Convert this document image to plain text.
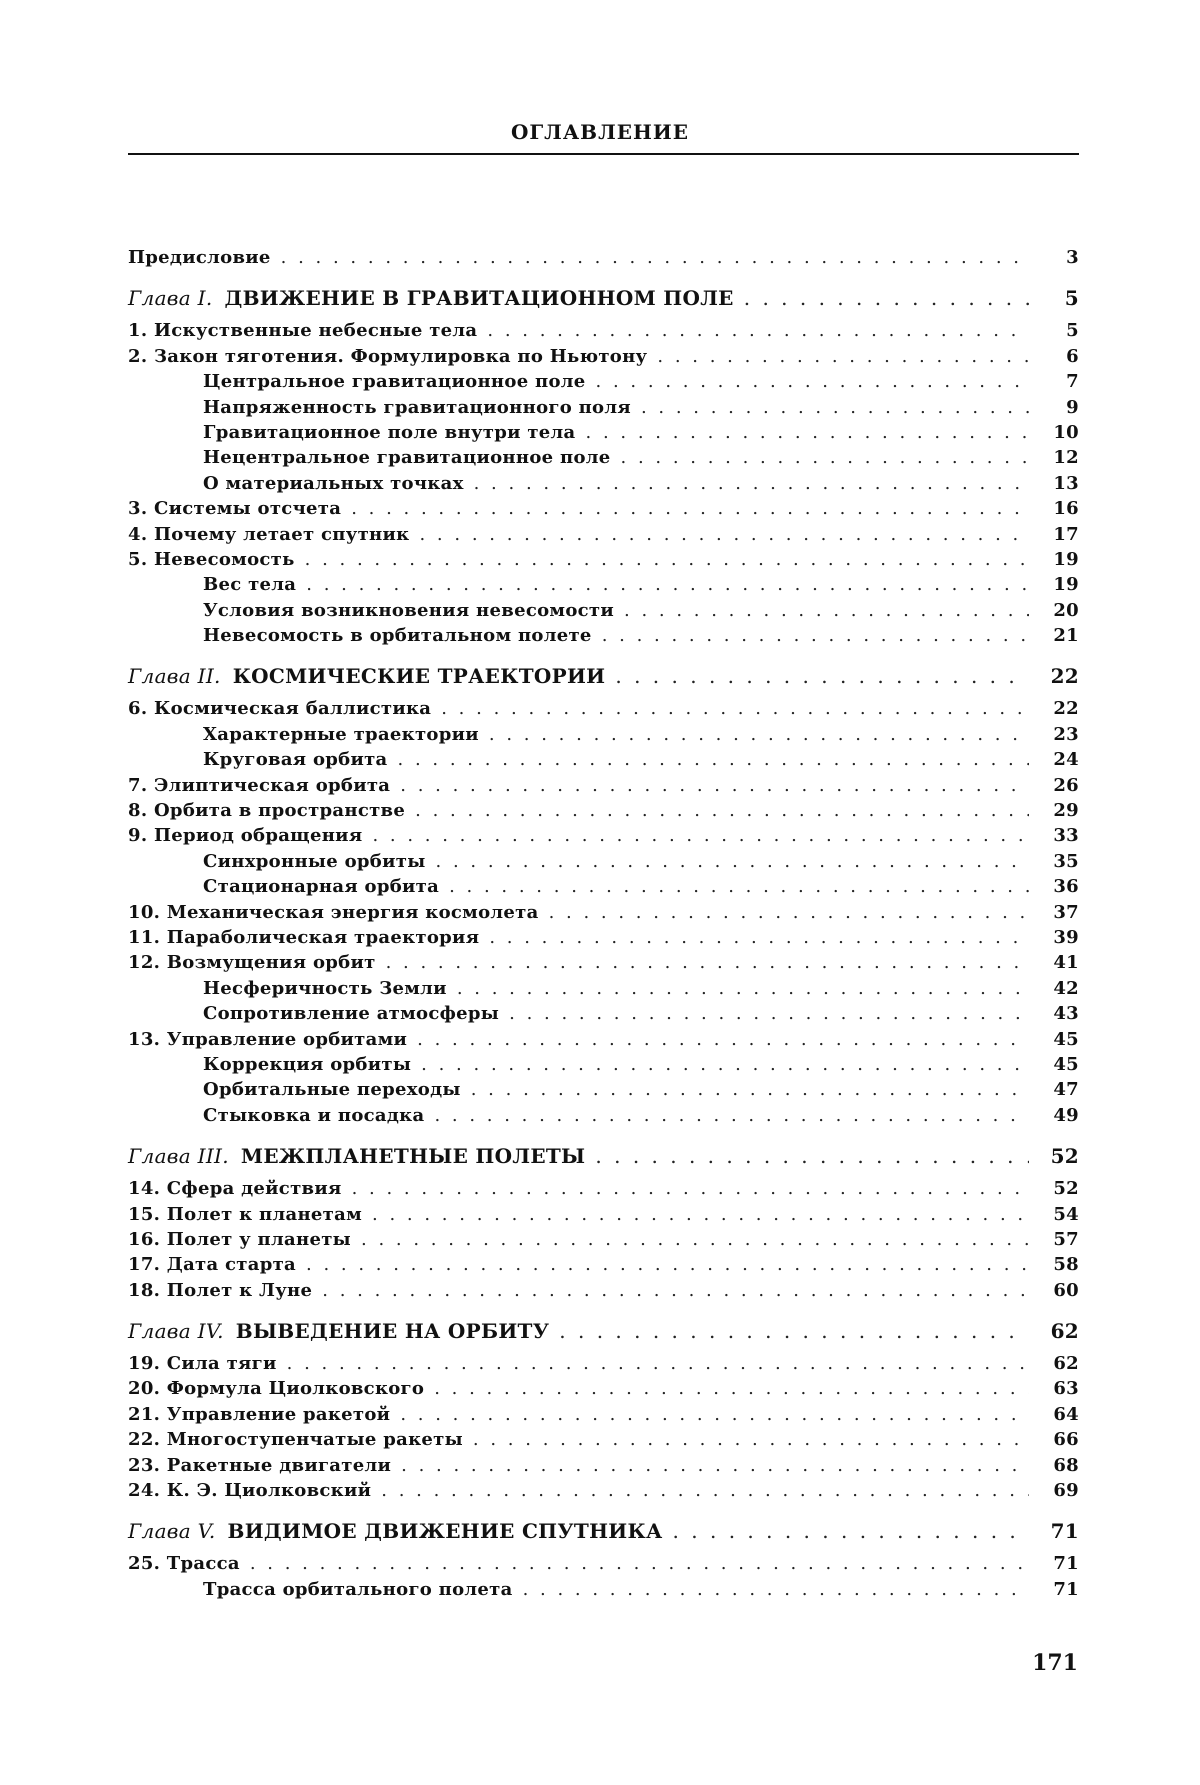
ОГЛАВЛЕНИЕ
Предисловие . . .	3
Глава I. ДВИЖЕНИЕ В ГРАВИТАЦИОННОМ ПОЛЕ . . .	5
1. Искуственные небесные тела . . .	5
2. Закон тяготения. Формулировка по Ньютону . . .	6
Центральное гравитационное поле . . .	7
Напряженность гравитационного поля . . .	9
Гравитационное поле внутри тела . . .	10
Нецентральное гравитационное поле . . .	12
О материальных точках . . .	13
3. Системы отсчета . . .	16
4. Почему летает спутник . . .	17
5. Невесомость . . .	19
Вес тела . . .	19
Условия возникновения невесомости . . .	20
Невесомость в орбитальном полете . . .	21
Глава II. КОСМИЧЕСКИЕ ТРАЕКТОРИИ . . .	22
6. Космическая баллистика . . .	22
Характерные траектории . . .	23
Круговая орбита . . .	24
7. Элиптическая орбита . . .	26
8. Орбита в пространстве . . .	29
9. Период обращения . . .	33
Синхронные орбиты . . .	35
Стационарная орбита . . .	36
10. Механическая энергия космолета . . .	37
11. Параболическая траектория . . .	39
12. Возмущения орбит . . .	41
Несферичность Земли . . .	42
Сопротивление атмосферы . . .	43
13. Управление орбитами . . .	45
Коррекция орбиты . . .	45
Орбитальные переходы . . .	47
Стыковка и посадка . . .	49
Глава III. МЕЖПЛАНЕТНЫЕ ПОЛЕТЫ . . .	52
14. Сфера действия . . .	52
15. Полет к планетам . . .	54
16. Полет у планеты . . .	57
17. Дата старта . . .	58
18. Полет к Луне . . .	60
Глава IV. ВЫВЕДЕНИЕ НА ОРБИТУ . . .	62
19. Сила тяги . . .	62
20. Формула Циолковского . . .	63
21. Управление ракетой . . .	64
22. Многоступенчатые ракеты . . .	66
23. Ракетные двигатели . . .	68
24. К. Э. Циолковский . . .	69
Глава V. ВИДИМОЕ ДВИЖЕНИЕ СПУТНИКА . . .	71
25. Трасса . . .	71
Трасса орбитального полета . . .	71
171
